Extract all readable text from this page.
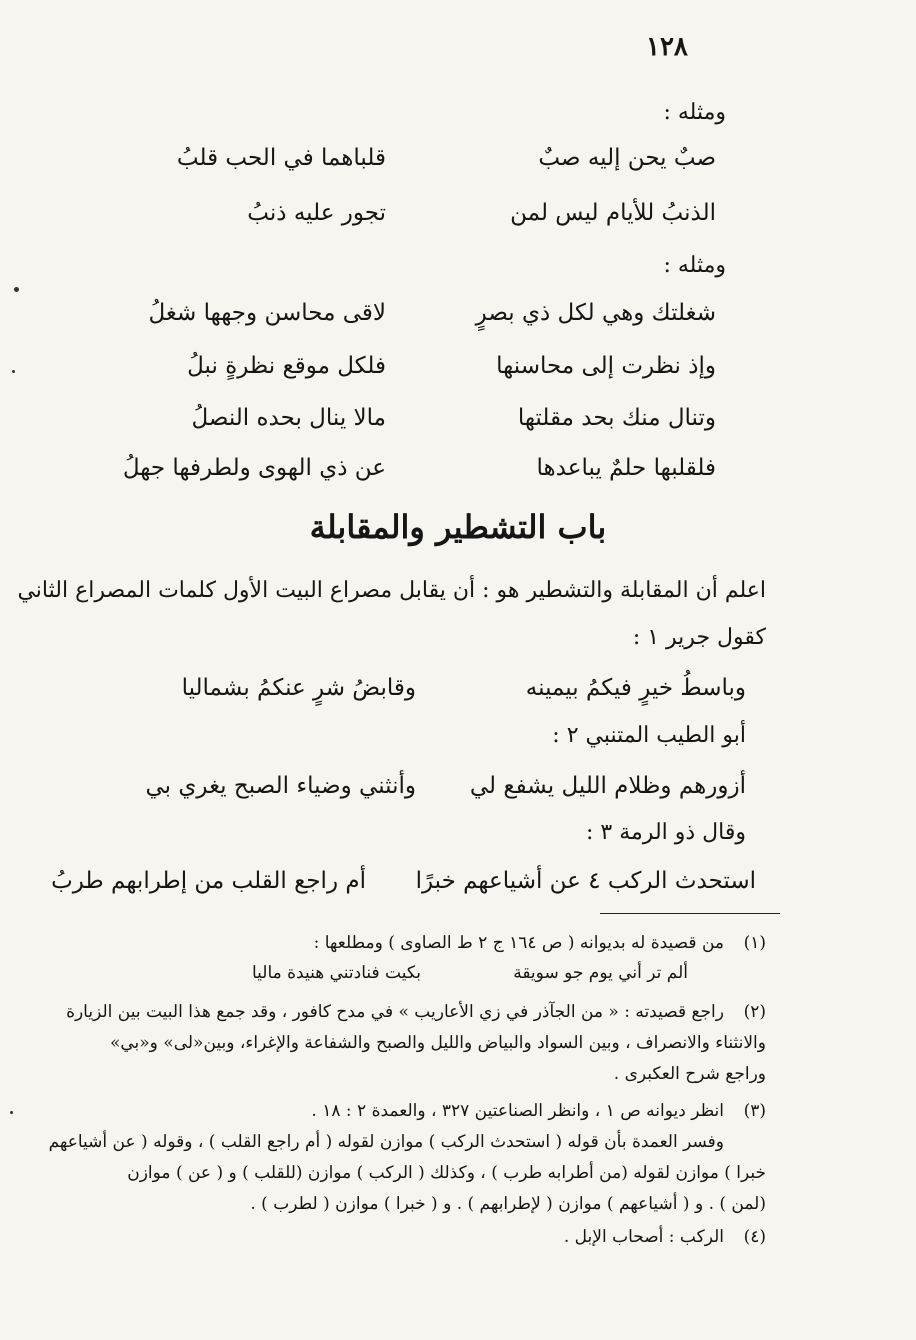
١٢٨
ومثله :
صبٌ يحن إليه صبٌ
قلباهما في الحب قلبُ
الذنبُ للأيام ليس لمن
تجور عليه ذنبُ
ومثله :
شغلتك وهي لكل ذي بصرٍ
لاقى محاسن وجهها شغلُ
وإذ نظرت إلى محاسنها
فلكل موقع نظرةٍ نبلُ
وتنال منك بحد مقلتها
مالا ينال بحده النصلُ
فلقلبها حلمٌ يباعدها
عن ذي الهوى ولطرفها جهلُ
باب التشطير والمقابلة
اعلم أن المقابلة والتشطير هو : أن يقابل مصراع البيت الأول كلمات المصراع الثاني
كقول جرير ١ :
وباسطُ خيرٍ فيكمُ بيمينه
وقابضُ شرٍ عنكمُ بشماليا
أبو الطيب المتنبي ٢ :
أزورهم وظلام الليل يشفع لي
وأنثني وضياء الصبح يغري بي
وقال ذو الرمة ٣ :
استحدث الركب ٤ عن أشياعهم خبرًا
أم راجع القلب من إطرابهم طربُ
(١)من قصيدة له بديوانه ( ص ١٦٤ ج ٢ ط الصاوى ) ومطلعها :
ألم تر أني يوم جو سويقة
بكيت فنادتني هنيدة ماليا
(٢)راجع قصيدته : « من الجآذر في زي الأعاريب » في مدح كافور ، وقد جمع هذا البيت بين الزيارة
والانثناء والانصراف ، وبين السواد والبياض والليل والصبح والشفاعة والإغراء، وبين«لى» و«بي»
وراجع شرح العكبرى .
(٣)انظر ديوانه ص ١ ، وانظر الصناعتين ٣٢٧ ، والعمدة ٢ : ١٨ .
وفسر العمدة بأن قوله ( استحدث الركب ) موازن لقوله ( أم راجع القلب ) ، وقوله ( عن أشياعهم
خبرا ) موازن لقوله (من أطرابه طرب ) ، وكذلك ( الركب ) موازن (للقلب ) و ( عن ) موازن
(لمن ) . و ( أشياعهم ) موازن ( لإطرابهم ) . و ( خبرا ) موازن ( لطرب ) .
(٤)الركب : أصحاب الإبل .
